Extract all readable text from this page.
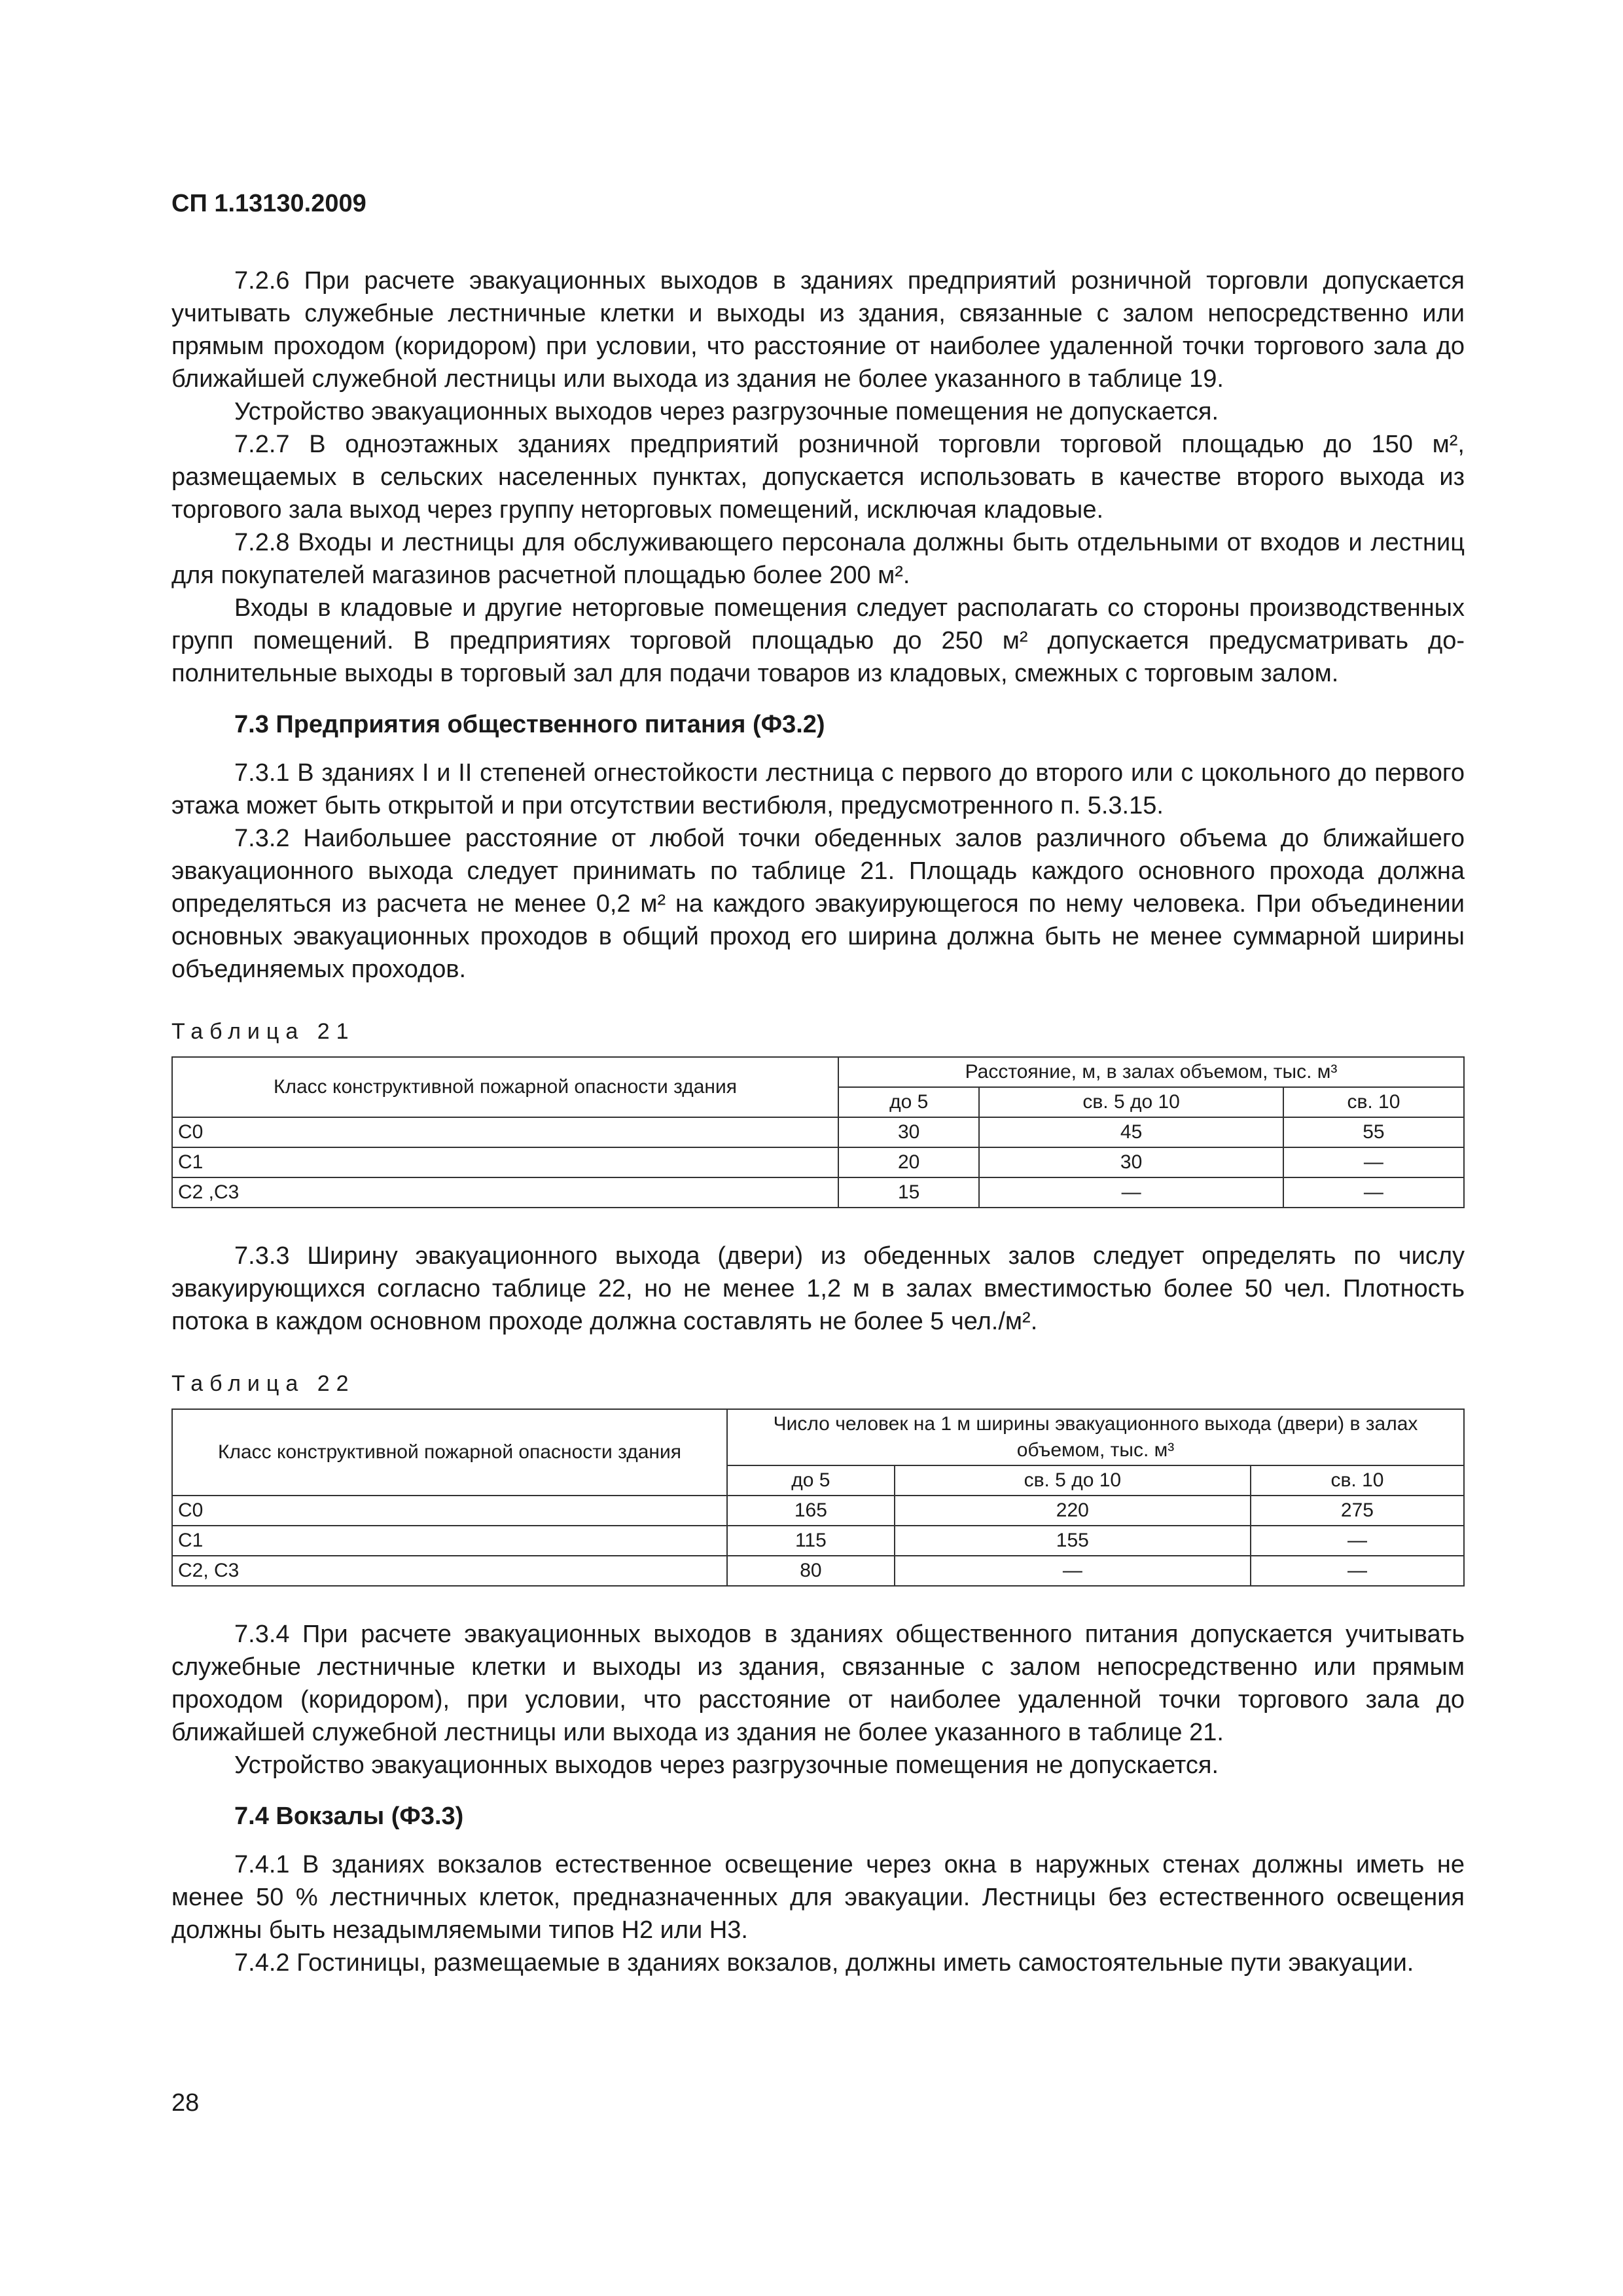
СП 1.13130.2009

7.2.6 При расчете эвакуационных выходов в зданиях предприятий розничной торговли допускается учитывать служебные лестничные клетки и выходы из здания, связанные с залом непосредственно или прямым проходом (коридором) при условии, что расстояние от наиболее удаленной точки торгового зала до ближайшей служебной лестницы или выхода из здания не более указанного в таблице 19.

Устройство эвакуационных выходов через разгрузочные помещения не допускается.

7.2.7 В одноэтажных зданиях предприятий розничной торговли торговой площадью до 150 м², размещаемых в сельских населенных пунктах, допускается использовать в качестве второго выхода из торгового зала выход через группу неторговых помещений, исключая кладовые.

7.2.8 Входы и лестницы для обслуживающего персонала должны быть отдельными от входов и лестниц для покупателей магазинов расчетной площадью более 200 м².

Входы в кладовые и другие неторговые помещения следует располагать со стороны производственных групп помещений. В предприятиях торговой площадью до 250 м² допускается предусматривать дополнительные выходы в торговый зал для подачи товаров из кладовых, смежных с торговым залом.

7.3 Предприятия общественного питания (Ф3.2)

7.3.1 В зданиях I и II степеней огнестойкости лестница с первого до второго или с цокольного до первого этажа может быть открытой и при отсутствии вестибюля, предусмотренного п. 5.3.15.

7.3.2 Наибольшее расстояние от любой точки обеденных залов различного объема до ближайшего эвакуационного выхода следует принимать по таблице 21. Площадь каждого основного прохода должна определяться из расчета не менее 0,2 м² на каждого эвакуирующегося по нему человека. При объединении основных эвакуационных проходов в общий проход его ширина должна быть не менее суммарной ширины объединяемых проходов.

Таблица 21

Класс конструктивной пожарной опасности здания	Расстояние, м, в залах объемом, тыс. м³		
	до 5	св. 5 до 10	св. 10
С0	30	45	55
С1	20	30	—
С2 ,С3	15	—	—

7.3.3 Ширину эвакуационного выхода (двери) из обеденных залов следует определять по числу эвакуирующихся согласно таблице 22, но не менее 1,2 м в залах вместимостью более 50 чел. Плотность потока в каждом основном проходе должна составлять не более 5 чел./м².

Таблица 22

Класс конструктивной пожарной опасности здания	Число человек на 1 м ширины эвакуационного выхода (двери) в залах объемом, тыс. м³		
	до 5	св. 5 до 10	св. 10
С0	165	220	275
С1	115	155	—
С2, С3	80	—	—

7.3.4 При расчете эвакуационных выходов в зданиях общественного питания допускается учитывать служебные лестничные клетки и выходы из здания, связанные с залом непосредственно или прямым проходом (коридором), при условии, что расстояние от наиболее удаленной точки торгового зала до ближайшей служебной лестницы или выхода из здания не более указанного в таблице 21.

Устройство эвакуационных выходов через разгрузочные помещения не допускается.

7.4 Вокзалы (Ф3.3)

7.4.1 В зданиях вокзалов естественное освещение через окна в наружных стенах должны иметь не менее 50 % лестничных клеток, предназначенных для эвакуации. Лестницы без естественного освещения должны быть незадымляемыми типов Н2 или Н3.

7.4.2 Гостиницы, размещаемые в зданиях вокзалов, должны иметь самостоятельные пути эвакуации.

28
